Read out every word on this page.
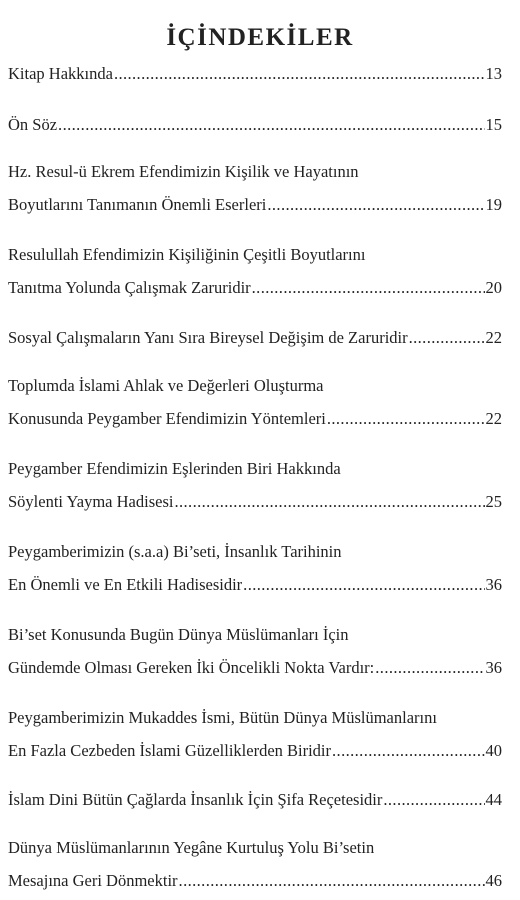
İÇİNDEKİLER
Kitap Hakkında .....	13
Ön Söz .....	15
Hz. Resul-ü Ekrem Efendimizin Kişilik ve Hayatının
Boyutlarını Tanımanın Önemli Eserleri .....	19
Resulullah Efendimizin Kişiliğinin Çeşitli Boyutlarını
Tanıtma Yolunda Çalışmak Zaruridir .....	20
Sosyal Çalışmaların Yanı Sıra Bireysel Değişim de Zaruridir .....	22
Toplumda İslami Ahlak ve Değerleri Oluşturma
Konusunda Peygamber Efendimizin Yöntemleri .....	22
Peygamber Efendimizin Eşlerinden Biri Hakkında
Söylenti Yayma Hadisesi .....	25
Peygamberimizin (s.a.a) Bi’seti, İnsanlık Tarihinin
En Önemli ve En Etkili Hadisesidir .....	36
Bi’set Konusunda Bugün Dünya Müslümanları İçin
Gündemde Olması Gereken İki Öncelikli Nokta Vardır: .....	36
Peygamberimizin Mukaddes İsmi, Bütün Dünya Müslümanlarını
En Fazla Cezbeden İslami Güzelliklerden Biridir .....	40
İslam Dini Bütün Çağlarda İnsanlık İçin Şifa Reçetesidir .....	44
Dünya Müslümanlarının Yegâne Kurtuluş Yolu Bi’setin
Mesajına Geri Dönmektir .....	46
